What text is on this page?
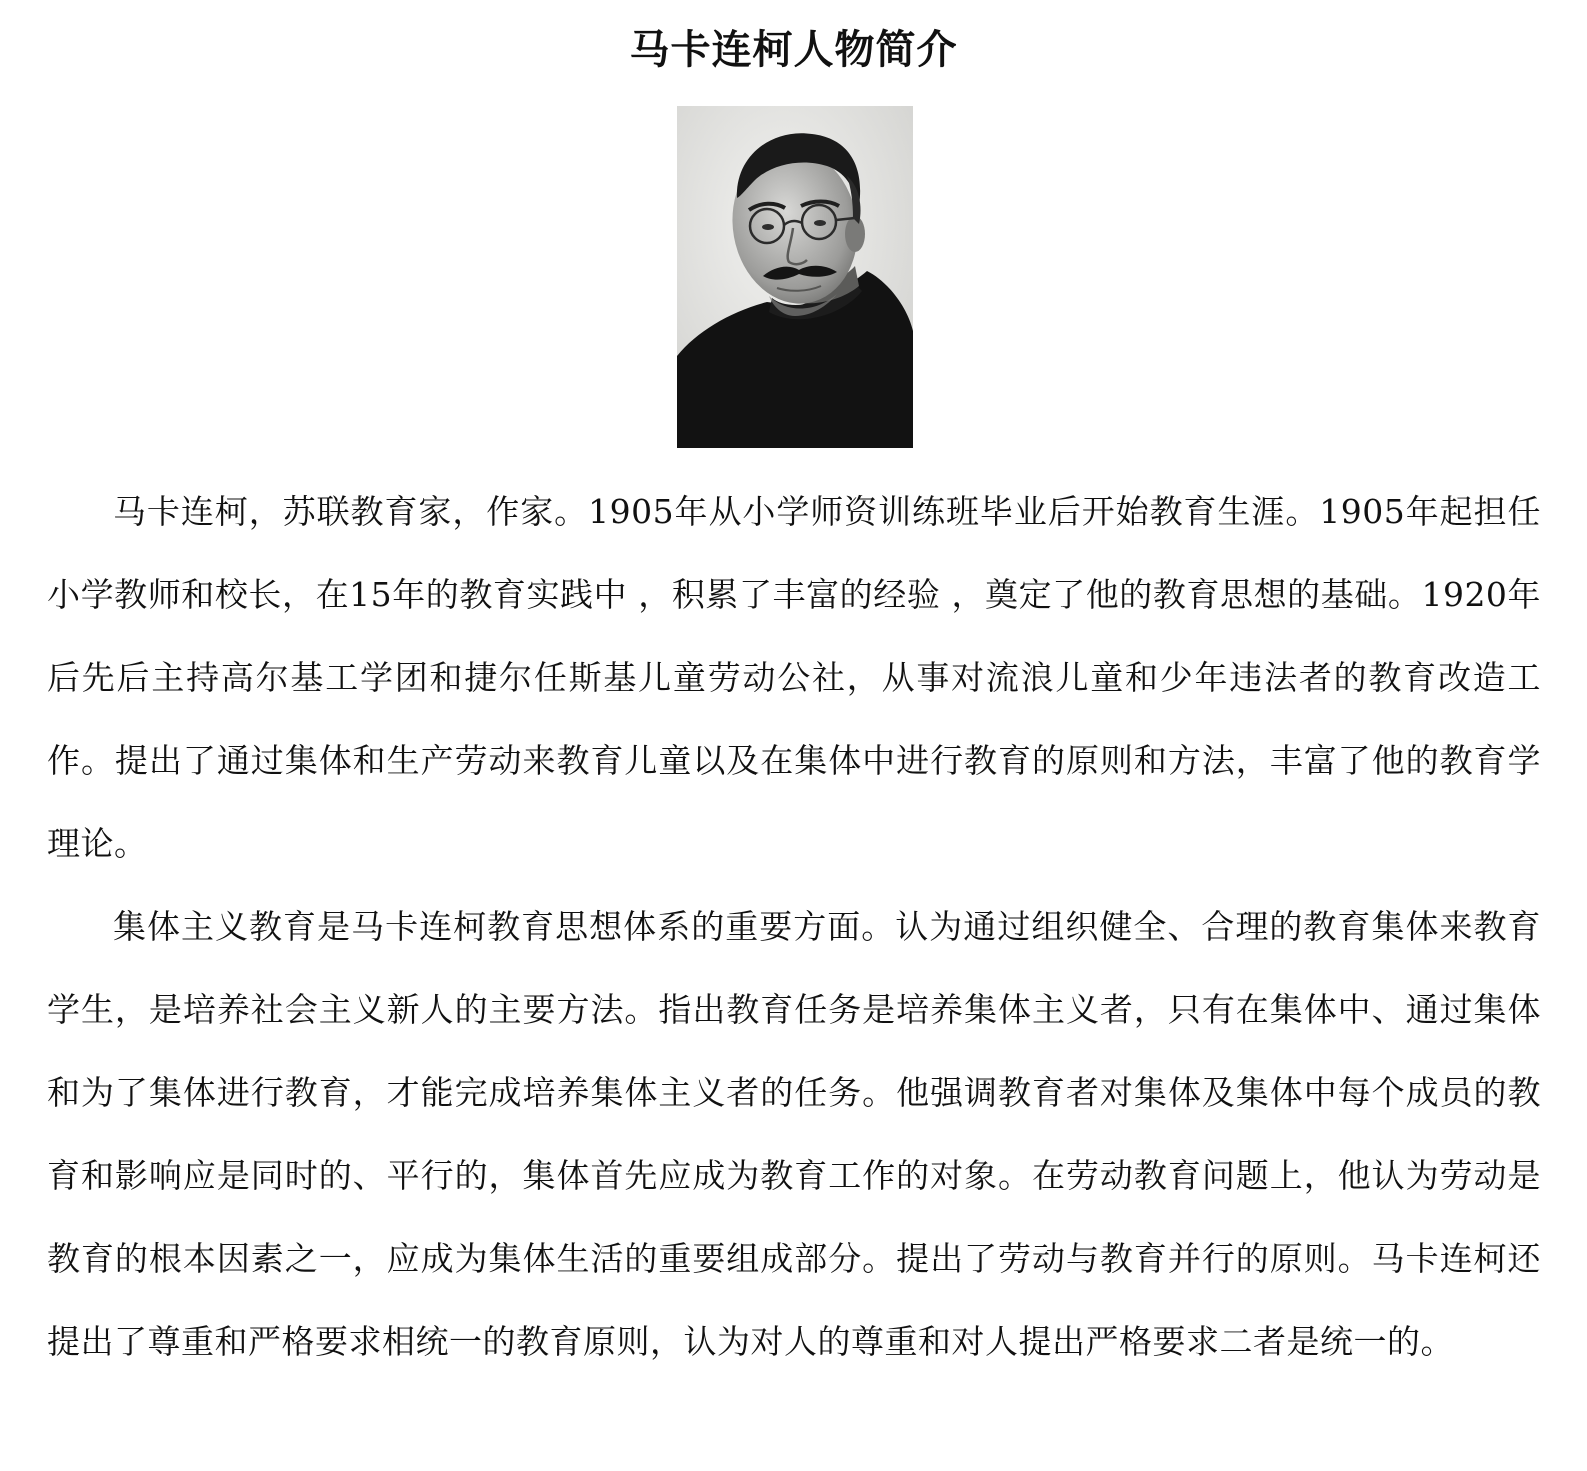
马卡连柯人物简介

马卡连柯，苏联教育家，作家。1905年从小学师资训练班毕业后开始教育生涯。1905年起担任小学教师和校长，在15年的教育实践中 ，积累了丰富的经验 ，奠定了他的教育思想的基础。1920年后先后主持高尔基工学团和捷尔任斯基儿童劳动公社，从事对流浪儿童和少年违法者的教育改造工作。提出了通过集体和生产劳动来教育儿童以及在集体中进行教育的原则和方法，丰富了他的教育学理论。

集体主义教育是马卡连柯教育思想体系的重要方面。认为通过组织健全、合理的教育集体来教育学生，是培养社会主义新人的主要方法。指出教育任务是培养集体主义者，只有在集体中、通过集体和为了集体进行教育，才能完成培养集体主义者的任务。他强调教育者对集体及集体中每个成员的教育和影响应是同时的、平行的，集体首先应成为教育工作的对象。在劳动教育问题上，他认为劳动是教育的根本因素之一，应成为集体生活的重要组成部分。提出了劳动与教育并行的原则。马卡连柯还提出了尊重和严格要求相统一的教育原则，认为对人的尊重和对人提出严格要求二者是统一的。
